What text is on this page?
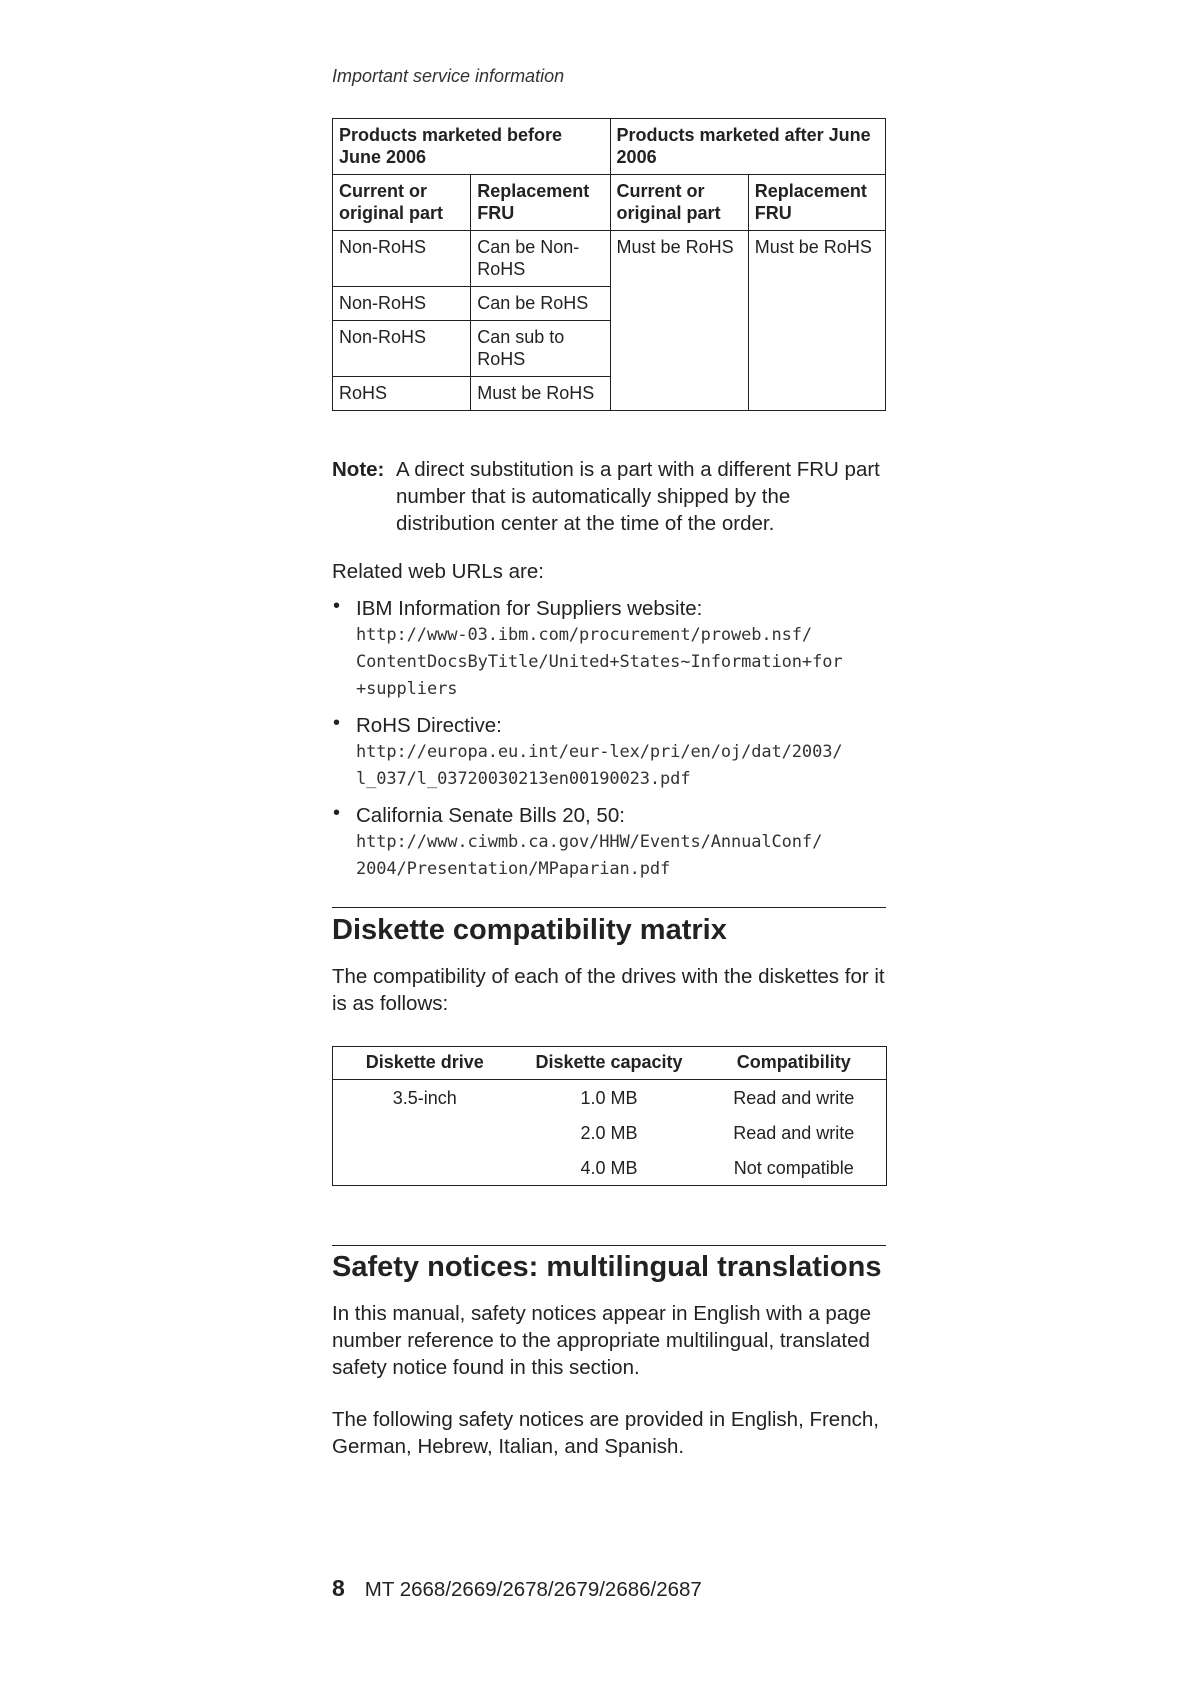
Important service information
Products marketed before June 2006		Products marketed after June 2006	
Current or original part	Replacement FRU	Current or original part	Replacement FRU
Non-RoHS	Can be Non-RoHS	Must be RoHS	Must be RoHS
Non-RoHS	Can be RoHS		
Non-RoHS	Can sub to RoHS		
RoHS	Must be RoHS		
Note: A direct substitution is a part with a different FRU part number that is automatically shipped by the distribution center at the time of the order.
Related web URLs are:
• IBM Information for Suppliers website:
http://www-03.ibm.com/procurement/proweb.nsf/
ContentDocsByTitle/United+States~Information+for
+suppliers
• RoHS Directive:
http://europa.eu.int/eur-lex/pri/en/oj/dat/2003/
l_037/l_03720030213en00190023.pdf
• California Senate Bills 20, 50:
http://www.ciwmb.ca.gov/HHW/Events/AnnualConf/
2004/Presentation/MPaparian.pdf
Diskette compatibility matrix

The compatibility of each of the drives with the diskettes for it is as follows:

Diskette drive	Diskette capacity	Compatibility
3.5-inch	1.0 MB	Read and write
	2.0 MB	Read and write
	4.0 MB	Not compatible
Safety notices: multilingual translations

In this manual, safety notices appear in English with a page number reference to the appropriate multilingual, translated safety notice found in this section.

The following safety notices are provided in English, French, German, Hebrew, Italian, and Spanish.

8 MT 2668/2669/2678/2679/2686/2687
